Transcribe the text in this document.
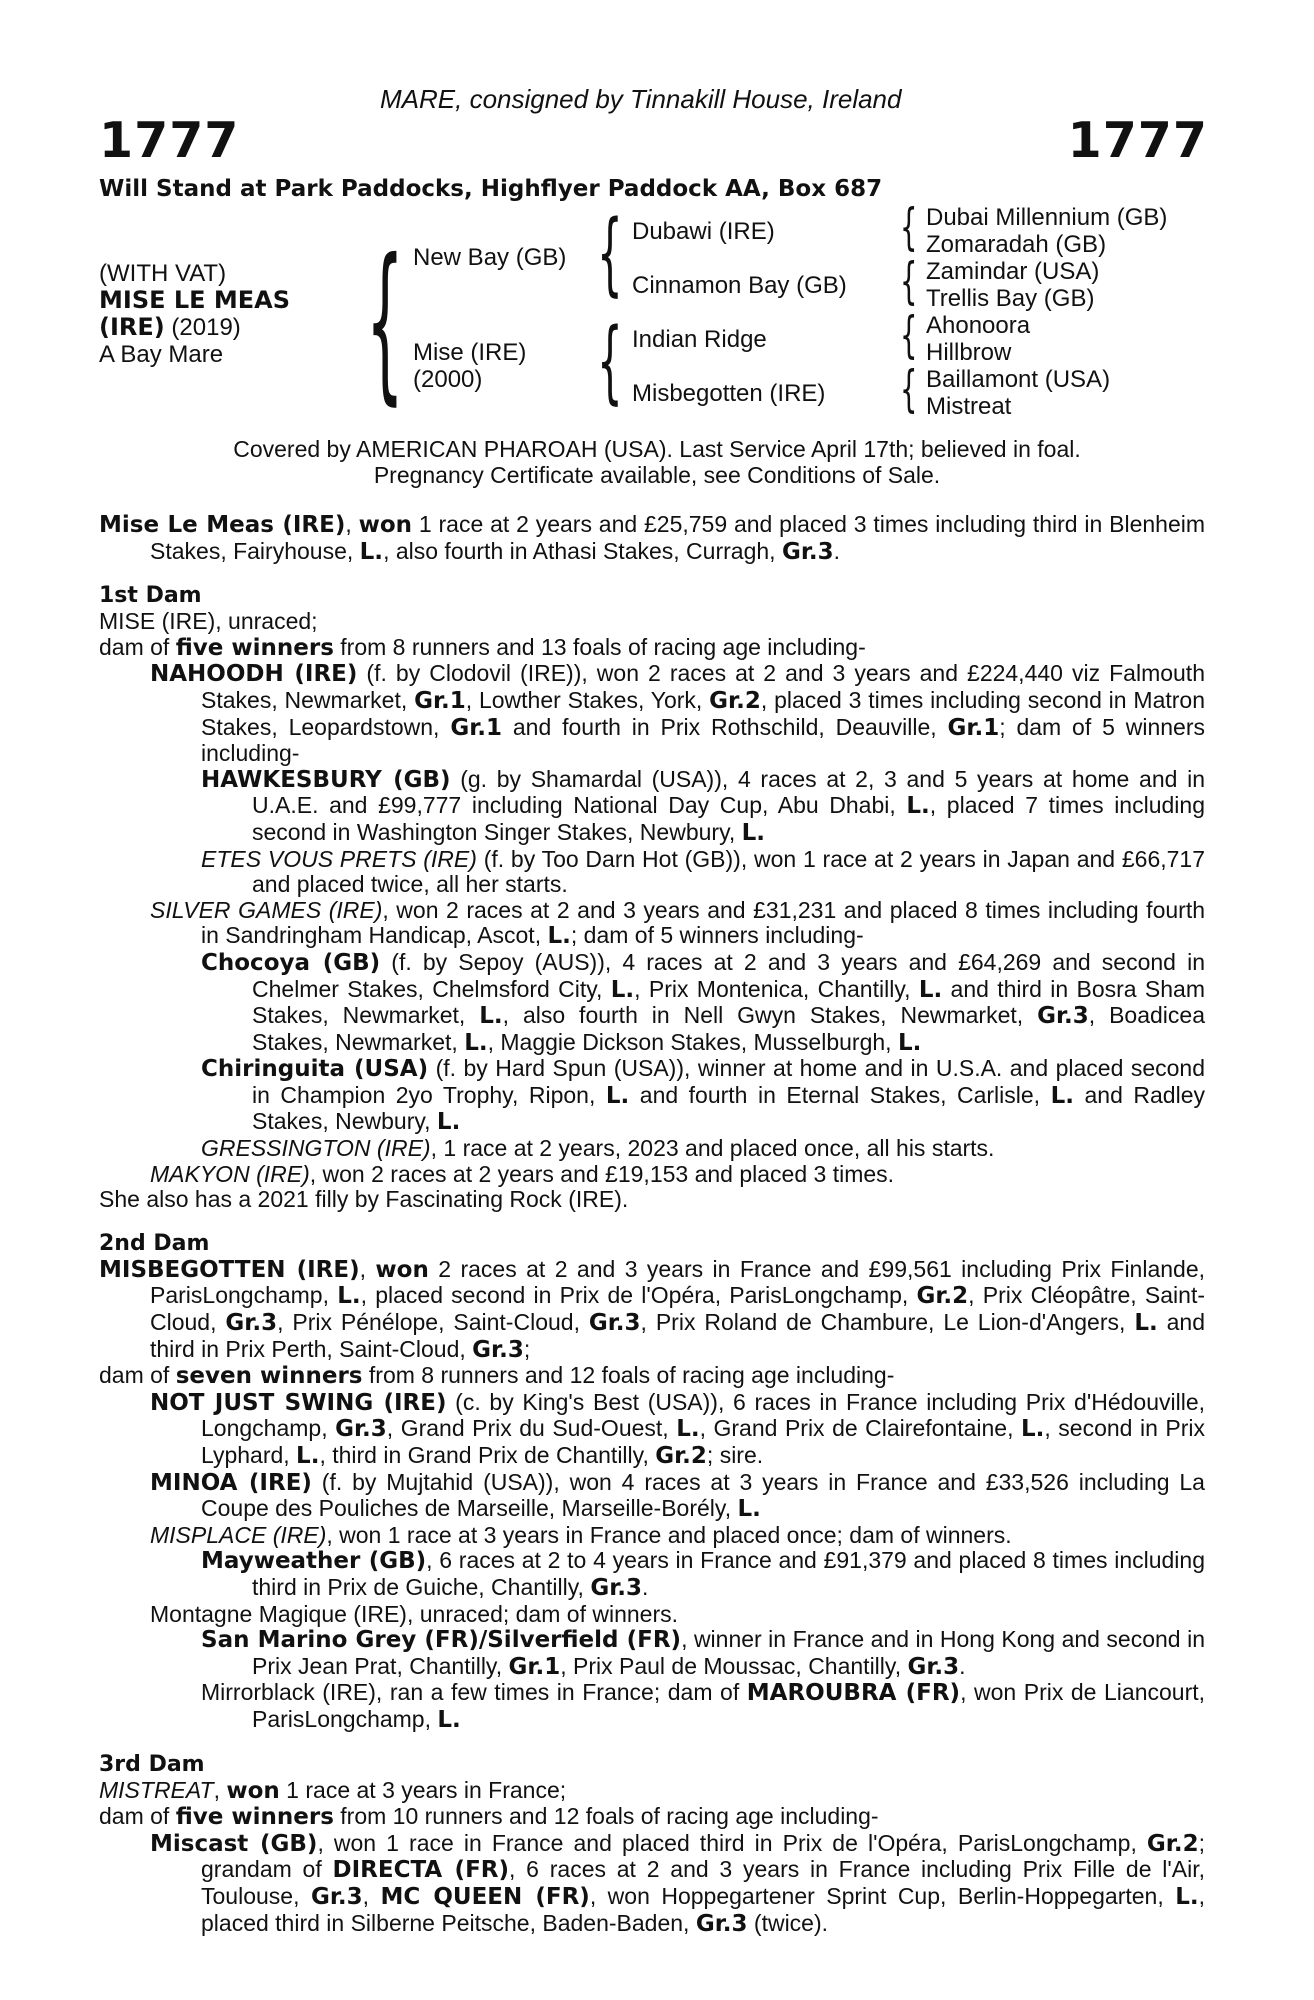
MARE, consigned by Tinnakill House, Ireland
1777	1777
Will Stand at Park Paddocks, Highflyer Paddock AA, Box 687
(WITH VAT)
MISE LE MEAS
(IRE) (2019)
A Bay Mare { New Bay (GB)
Mise (IRE)
(2000)
{ Dubawi (IRE)
Cinnamon Bay (GB)
{ Indian Ridge
Misbegotten (IRE)
{
{
{
{
Dubai Millennium (GB)
Zomaradah (GB)
Zamindar (USA)
Trellis Bay (GB)
Ahonoora
Hillbrow
Baillamont (USA)
Mistreat
Covered by AMERICAN PHAROAH (USA). Last Service April 17th; believed in foal.
Pregnancy Certificate available, see Conditions of Sale.

Mise Le Meas (IRE), won 1 race at 2 years and £25,759 and placed 3 times including third in Blenheim Stakes, Fairyhouse, L., also fourth in Athasi Stakes, Curragh, Gr.3.

1st Dam

MISE (IRE), unraced;

dam of five winners from 8 runners and 13 foals of racing age including-

NAHOODH (IRE) (f. by Clodovil (IRE)), won 2 races at 2 and 3 years and £224,440 viz Falmouth Stakes, Newmarket, Gr.1, Lowther Stakes, York, Gr.2, placed 3 times including second in Matron Stakes, Leopardstown, Gr.1 and fourth in Prix Rothschild, Deauville, Gr.1; dam of 5 winners including-

HAWKESBURY (GB) (g. by Shamardal (USA)), 4 races at 2, 3 and 5 years at home and in U.A.E. and £99,777 including National Day Cup, Abu Dhabi, L., placed 7 times including second in Washington Singer Stakes, Newbury, L.

ETES VOUS PRETS (IRE) (f. by Too Darn Hot (GB)), won 1 race at 2 years in Japan and £66,717 and placed twice, all her starts.

SILVER GAMES (IRE), won 2 races at 2 and 3 years and £31,231 and placed 8 times including fourth in Sandringham Handicap, Ascot, L.; dam of 5 winners including-

Chocoya (GB) (f. by Sepoy (AUS)), 4 races at 2 and 3 years and £64,269 and second in Chelmer Stakes, Chelmsford City, L., Prix Montenica, Chantilly, L. and third in Bosra Sham Stakes, Newmarket, L., also fourth in Nell Gwyn Stakes, Newmarket, Gr.3, Boadicea Stakes, Newmarket, L., Maggie Dickson Stakes, Musselburgh, L.

Chiringuita (USA) (f. by Hard Spun (USA)), winner at home and in U.S.A. and placed second in Champion 2yo Trophy, Ripon, L. and fourth in Eternal Stakes, Carlisle, L. and Radley Stakes, Newbury, L.

GRESSINGTON (IRE), 1 race at 2 years, 2023 and placed once, all his starts.

MAKYON (IRE), won 2 races at 2 years and £19,153 and placed 3 times.

She also has a 2021 filly by Fascinating Rock (IRE).

2nd Dam

MISBEGOTTEN (IRE), won 2 races at 2 and 3 years in France and £99,561 including Prix Finlande, ParisLongchamp, L., placed second in Prix de l'Opéra, ParisLongchamp, Gr.2, Prix Cléopâtre, Saint-Cloud, Gr.3, Prix Pénélope, Saint-Cloud, Gr.3, Prix Roland de Chambure, Le Lion-d'Angers, L. and third in Prix Perth, Saint-Cloud, Gr.3;

dam of seven winners from 8 runners and 12 foals of racing age including-

NOT JUST SWING (IRE) (c. by King's Best (USA)), 6 races in France including Prix d'Hédouville, Longchamp, Gr.3, Grand Prix du Sud-Ouest, L., Grand Prix de Clairefontaine, L., second in Prix Lyphard, L., third in Grand Prix de Chantilly, Gr.2; sire.

MINOA (IRE) (f. by Mujtahid (USA)), won 4 races at 3 years in France and £33,526 including La Coupe des Pouliches de Marseille, Marseille-Borély, L.

MISPLACE (IRE), won 1 race at 3 years in France and placed once; dam of winners.

Mayweather (GB), 6 races at 2 to 4 years in France and £91,379 and placed 8 times including third in Prix de Guiche, Chantilly, Gr.3.

Montagne Magique (IRE), unraced; dam of winners.

San Marino Grey (FR)/Silverfield (FR), winner in France and in Hong Kong and second in Prix Jean Prat, Chantilly, Gr.1, Prix Paul de Moussac, Chantilly, Gr.3.

Mirrorblack (IRE), ran a few times in France; dam of MAROUBRA (FR), won Prix de Liancourt, ParisLongchamp, L.

3rd Dam

MISTREAT, won 1 race at 3 years in France;

dam of five winners from 10 runners and 12 foals of racing age including-

Miscast (GB), won 1 race in France and placed third in Prix de l'Opéra, ParisLongchamp, Gr.2; grandam of DIRECTA (FR), 6 races at 2 and 3 years in France including Prix Fille de l'Air, Toulouse, Gr.3, MC QUEEN (FR), won Hoppegartener Sprint Cup, Berlin-Hoppegarten, L., placed third in Silberne Peitsche, Baden-Baden, Gr.3 (twice).
